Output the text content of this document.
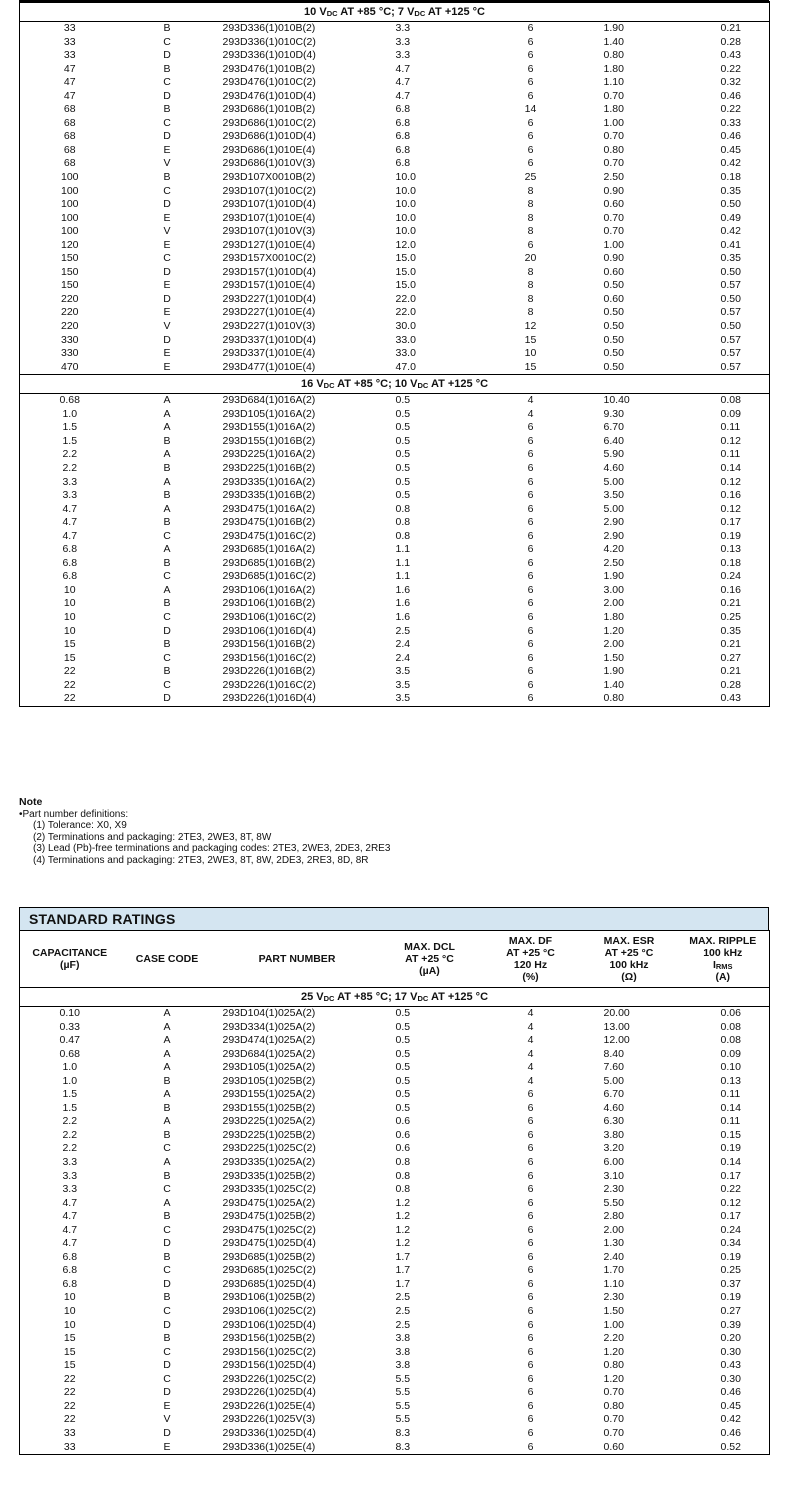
10 $V_{DC}$ AT +85 °C; 7 $V_{DC}$ AT +125 °C						
33	B	293D336(1)010B(2)	3.3	6	1.90	0.21
33	C	293D336(1)010C(2)	3.3	6	1.40	0.28
33	D	293D336(1)010D(4)	3.3	6	0.80	0.43
47	B	293D476(1)010B(2)	4.7	6	1.80	0.22
47	C	293D476(1)010C(2)	4.7	6	1.10	0.32
47	D	293D476(1)010D(4)	4.7	6	0.70	0.46
68	B	293D686(1)010B(2)	6.8	14	1.80	0.22
68	C	293D686(1)010C(2)	6.8	6	1.00	0.33
68	D	293D686(1)010D(4)	6.8	6	0.70	0.46
68	E	293D686(1)010E(4)	6.8	6	0.80	0.45
68	V	293D686(1)010V(3)	6.8	6	0.70	0.42
100	B	293D107X0010B(2)	10.0	25	2.50	0.18
100	C	293D107(1)010C(2)	10.0	8	0.90	0.35
100	D	293D107(1)010D(4)	10.0	8	0.60	0.50
100	E	293D107(1)010E(4)	10.0	8	0.70	0.49
100	V	293D107(1)010V(3)	10.0	8	0.70	0.42
120	E	293D127(1)010E(4)	12.0	6	1.00	0.41
150	C	293D157X0010C(2)	15.0	20	0.90	0.35
150	D	293D157(1)010D(4)	15.0	8	0.60	0.50
150	E	293D157(1)010E(4)	15.0	8	0.50	0.57
220	D	293D227(1)010D(4)	22.0	8	0.60	0.50
220	E	293D227(1)010E(4)	22.0	8	0.50	0.57
220	V	293D227(1)010V(3)	30.0	12	0.50	0.50
330	D	293D337(1)010D(4)	33.0	15	0.50	0.57
330	E	293D337(1)010E(4)	33.0	10	0.50	0.57
470	E	293D477(1)010E(4)	47.0	15	0.50	0.57
16 $V_{DC}$ AT +85 °C; 10 $V_{DC}$ AT +125 °C						
0.68	A	293D684(1)016A(2)	0.5	4	10.40	0.08
1.0	A	293D105(1)016A(2)	0.5	4	9.30	0.09
1.5	A	293D155(1)016A(2)	0.5	6	6.70	0.11
1.5	B	293D155(1)016B(2)	0.5	6	6.40	0.12
2.2	A	293D225(1)016A(2)	0.5	6	5.90	0.11
2.2	B	293D225(1)016B(2)	0.5	6	4.60	0.14
3.3	A	293D335(1)016A(2)	0.5	6	5.00	0.12
3.3	B	293D335(1)016B(2)	0.5	6	3.50	0.16
4.7	A	293D475(1)016A(2)	0.8	6	5.00	0.12
4.7	B	293D475(1)016B(2)	0.8	6	2.90	0.17
4.7	C	293D475(1)016C(2)	0.8	6	2.90	0.19
6.8	A	293D685(1)016A(2)	1.1	6	4.20	0.13
6.8	B	293D685(1)016B(2)	1.1	6	2.50	0.18
6.8	C	293D685(1)016C(2)	1.1	6	1.90	0.24
10	A	293D106(1)016A(2)	1.6	6	3.00	0.16
10	B	293D106(1)016B(2)	1.6	6	2.00	0.21
10	C	293D106(1)016C(2)	1.6	6	1.80	0.25
10	D	293D106(1)016D(4)	2.5	6	1.20	0.35
15	B	293D156(1)016B(2)	2.4	6	2.00	0.21
15	C	293D156(1)016C(2)	2.4	6	1.50	0.27
22	B	293D226(1)016B(2)	3.5	6	1.90	0.21
22	C	293D226(1)016C(2)	3.5	6	1.40	0.28
22	D	293D226(1)016D(4)	3.5	6	0.80	0.43
Note
•Part number definitions:
(1) Tolerance: X0, X9
(2) Terminations and packaging: 2TE3, 2WE3, 8T, 8W
(3) Lead (Pb)-free terminations and packaging codes: 2TE3, 2WE3, 2DE3, 2RE3
(4) Terminations and packaging: 2TE3, 2WE3, 8T, 8W, 2DE3, 2RE3, 8D, 8R
STANDARD RATINGS
CAPACITANCE
(µF)	CASE CODE	PART NUMBER	MAX. DCL
AT +25 °C
(µA)	MAX. DF
AT +25 °C
120 Hz
(%)	MAX. ESR
AT +25 °C
100 kHz
(Ω)	MAX. RIPPLE
100 kHz
$I_{RMS}$
(A)

25 $V_{DC}$ AT +85 °C; 17 $V_{DC}$ AT +125 °C						
0.10	A	293D104(1)025A(2)	0.5	4	20.00	0.06
0.33	A	293D334(1)025A(2)	0.5	4	13.00	0.08
0.47	A	293D474(1)025A(2)	0.5	4	12.00	0.08
0.68	A	293D684(1)025A(2)	0.5	4	8.40	0.09
1.0	A	293D105(1)025A(2)	0.5	4	7.60	0.10
1.0	B	293D105(1)025B(2)	0.5	4	5.00	0.13
1.5	A	293D155(1)025A(2)	0.5	6	6.70	0.11
1.5	B	293D155(1)025B(2)	0.5	6	4.60	0.14
2.2	A	293D225(1)025A(2)	0.6	6	6.30	0.11
2.2	B	293D225(1)025B(2)	0.6	6	3.80	0.15
2.2	C	293D225(1)025C(2)	0.6	6	3.20	0.19
3.3	A	293D335(1)025A(2)	0.8	6	6.00	0.14
3.3	B	293D335(1)025B(2)	0.8	6	3.10	0.17
3.3	C	293D335(1)025C(2)	0.8	6	2.30	0.22
4.7	A	293D475(1)025A(2)	1.2	6	5.50	0.12
4.7	B	293D475(1)025B(2)	1.2	6	2.80	0.17
4.7	C	293D475(1)025C(2)	1.2	6	2.00	0.24
4.7	D	293D475(1)025D(4)	1.2	6	1.30	0.34
6.8	B	293D685(1)025B(2)	1.7	6	2.40	0.19
6.8	C	293D685(1)025C(2)	1.7	6	1.70	0.25
6.8	D	293D685(1)025D(4)	1.7	6	1.10	0.37
10	B	293D106(1)025B(2)	2.5	6	2.30	0.19
10	C	293D106(1)025C(2)	2.5	6	1.50	0.27
10	D	293D106(1)025D(4)	2.5	6	1.00	0.39
15	B	293D156(1)025B(2)	3.8	6	2.20	0.20
15	C	293D156(1)025C(2)	3.8	6	1.20	0.30
15	D	293D156(1)025D(4)	3.8	6	0.80	0.43
22	C	293D226(1)025C(2)	5.5	6	1.20	0.30
22	D	293D226(1)025D(4)	5.5	6	0.70	0.46
22	E	293D226(1)025E(4)	5.5	6	0.80	0.45
22	V	293D226(1)025V(3)	5.5	6	0.70	0.42
33	D	293D336(1)025D(4)	8.3	6	0.70	0.46
33	E	293D336(1)025E(4)	8.3	6	0.60	0.52
